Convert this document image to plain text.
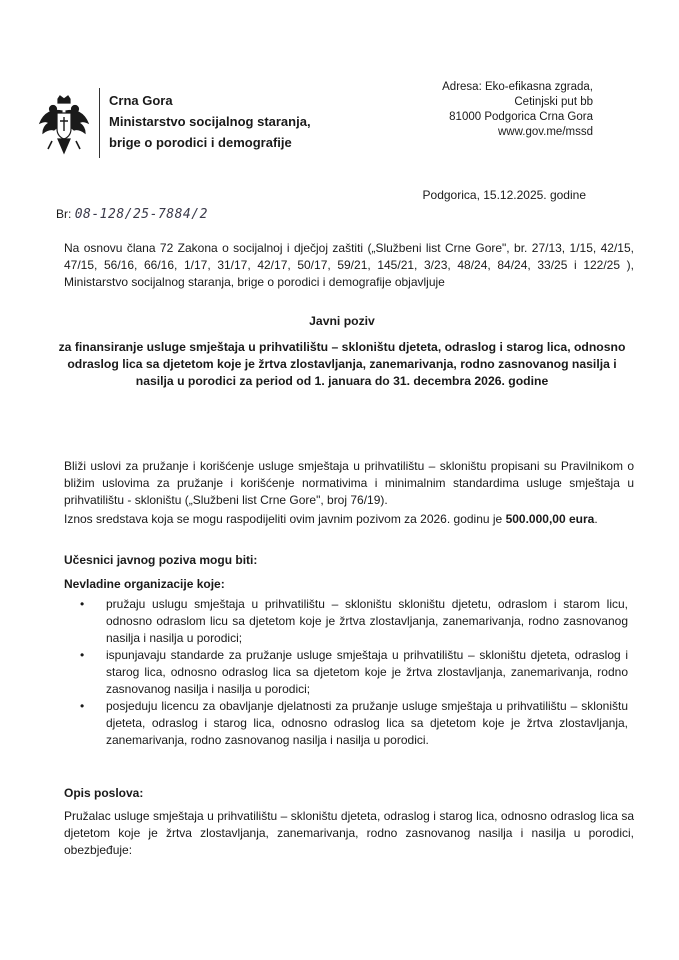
Crna Gora
Ministarstvo socijalnog staranja,
brige o porodici i demografije
Adresa: Eko-efikasna zgrada,
Cetinjski put bb
81000 Podgorica Crna Gora
www.gov.me/mssd
Podgorica, 15.12.2025. godine
Br: 08-128/25-7884/2
Na osnovu člana 72 Zakona o socijalnoj i dječjoj zaštiti („Službeni list Crne Gore", br. 27/13, 1/15, 42/15, 47/15, 56/16, 66/16, 1/17, 31/17, 42/17, 50/17, 59/21, 145/21, 3/23, 48/24, 84/24, 33/25 i 122/25 ), Ministarstvo socijalnog staranja, brige o porodici i demografije objavljuje
Javni poziv
za finansiranje usluge smještaja u prihvatilištu – skloništu djeteta, odraslog i starog lica, odnosno odraslog lica sa djetetom koje je žrtva zlostavljanja, zanemarivanja, rodno zasnovanog nasilja i nasilja u porodici za period od 1. januara do 31. decembra 2026. godine
Bliži uslovi za pružanje i korišćenje usluge smještaja u prihvatilištu – skloništu propisani su Pravilnikom o bližim uslovima za pružanje i korišćenje normativima i minimalnim standardima usluge smještaja u prihvatilištu - skloništu („Službeni list Crne Gore", broj 76/19).
Iznos sredstava koja se mogu raspodijeliti ovim javnim pozivom za 2026. godinu je 500.000,00 eura.
Učesnici javnog poziva mogu biti:
Nevladine organizacije koje:
• pružaju uslugu smještaja u prihvatilištu – skloništu skloništu djetetu, odraslom i starom licu, odnosno odraslom licu sa djetetom koje je žrtva zlostavljanja, zanemarivanja, rodno zasnovanog nasilja i nasilja u porodici;
• ispunjavaju standarde za pružanje usluge smještaja u prihvatilištu – skloništu djeteta, odraslog i starog lica, odnosno odraslog lica sa djetetom koje je žrtva zlostavljanja, zanemarivanja, rodno zasnovanog nasilja i nasilja u porodici;
• posjeduju licencu za obavljanje djelatnosti za pružanje usluge smještaja u prihvatilištu – skloništu djeteta, odraslog i starog lica, odnosno odraslog lica sa djetetom koje je žrtva zlostavljanja, zanemarivanja, rodno zasnovanog nasilja i nasilja u porodici.
Opis poslova:
Pružalac usluge smještaja u prihvatilištu – skloništu djeteta, odraslog i starog lica, odnosno odraslog lica sa djetetom koje je žrtva zlostavljanja, zanemarivanja, rodno zasnovanog nasilja i nasilja u porodici, obezbjeđuje:
